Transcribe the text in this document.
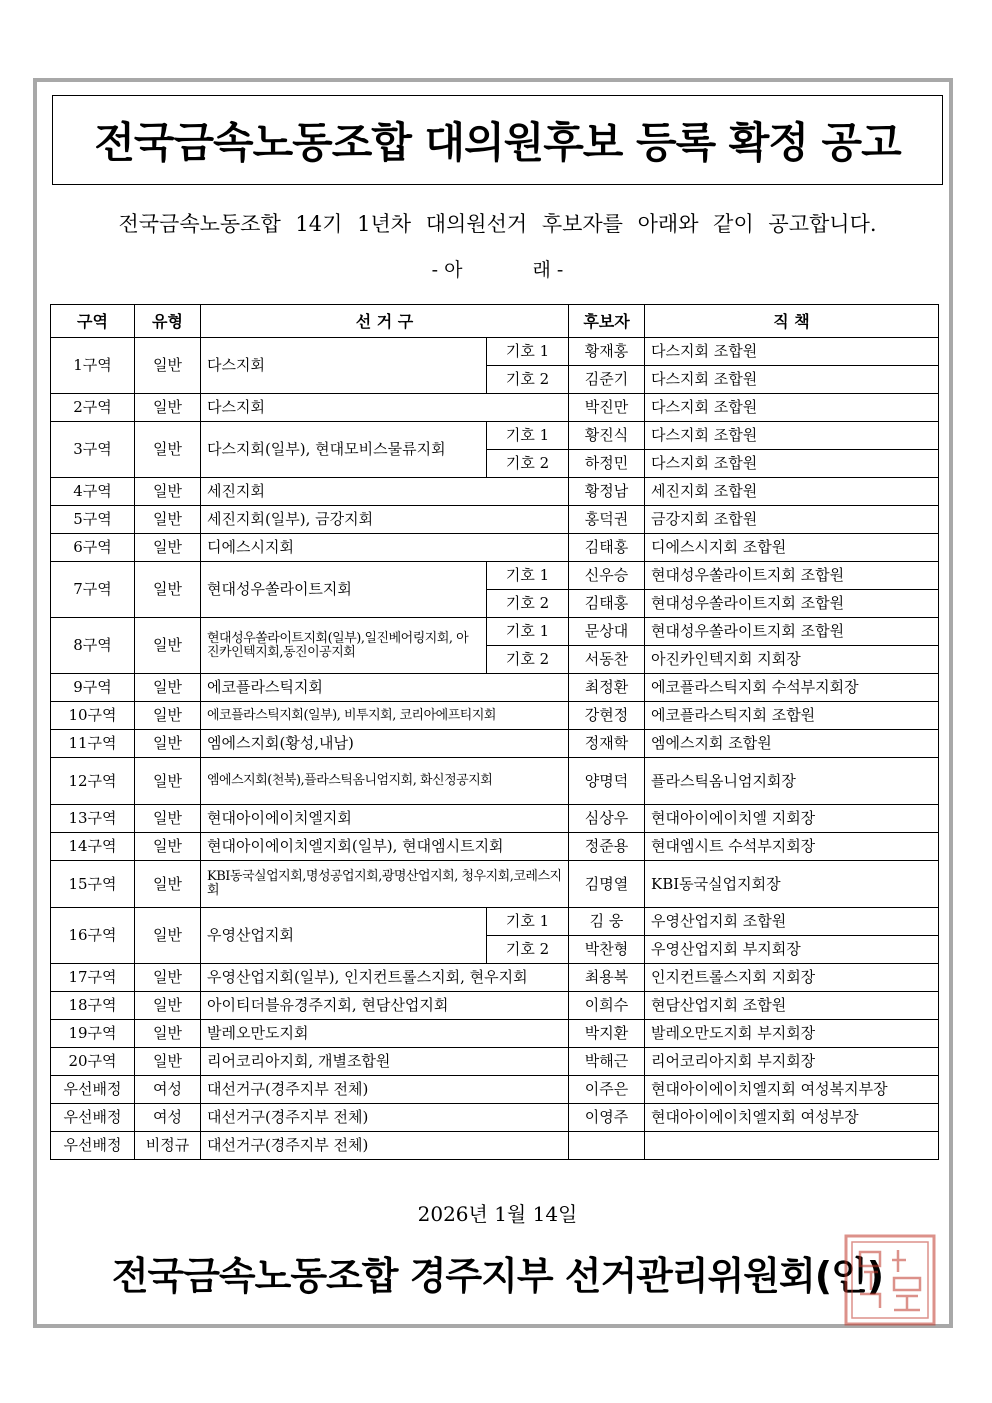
전국금속노동조합 대의원후보 등록 확정 공고
전국금속노동조합 14기 1년차 대의원선거 후보자를 아래와 같이 공고합니다.
- 아	래 -
구역	유형	선 거 구		후보자	직 책
1구역	일반	다스지회	기호 1	황재홍	다스지회 조합원
			기호 2	김준기	다스지회 조합원
2구역	일반	다스지회		박진만	다스지회 조합원
3구역	일반	다스지회(일부), 현대모비스물류지회	기호 1	황진식	다스지회 조합원
			기호 2	하정민	다스지회 조합원
4구역	일반	세진지회		황정남	세진지회 조합원
5구역	일반	세진지회(일부), 금강지회		홍덕권	금강지회 조합원
6구역	일반	디에스시지회		김태홍	디에스시지회 조합원
7구역	일반	현대성우쏠라이트지회	기호 1	신우승	현대성우쏠라이트지회 조합원
			기호 2	김태홍	현대성우쏠라이트지회 조합원
8구역	일반	현대성우쏠라이트지회(일부),일진베어링지회, 아진카인텍지회,동진이공지회	기호 1	문상대	현대성우쏠라이트지회 조합원
			기호 2	서동찬	아진카인텍지회 지회장
9구역	일반	에코플라스틱지회		최정환	에코플라스틱지회 수석부지회장
10구역	일반	에코플라스틱지회(일부), 비투지회, 코리아에프티지회		강현정	에코플라스틱지회 조합원
11구역	일반	엠에스지회(황성,내남)		정재학	엠에스지회 조합원
12구역	일반	엠에스지회(천북),플라스틱옴니엄지회, 화신정공지회		양명덕	플라스틱옴니엄지회장
13구역	일반	현대아이에이치엘지회		심상우	현대아이에이치엘 지회장
14구역	일반	현대아이에이치엘지회(일부), 현대엠시트지회		정준용	현대엠시트 수석부지회장
15구역	일반	KBI동국실업지회,명성공업지회,광명산업지회, 청우지회,코레스지회		김명열	KBI동국실업지회장
16구역	일반	우영산업지회	기호 1	김 웅	우영산업지회 조합원
			기호 2	박찬형	우영산업지회 부지회장
17구역	일반	우영산업지회(일부), 인지컨트롤스지회, 현우지회		최용복	인지컨트롤스지회 지회장
18구역	일반	아이티더블유경주지회, 현담산업지회		이희수	현담산업지회 조합원
19구역	일반	발레오만도지회		박지환	발레오만도지회 부지회장
20구역	일반	리어코리아지회, 개별조합원		박해근	리어코리아지회 부지회장
우선배정	여성	대선거구(경주지부 전체)		이주은	현대아이에이치엘지회 여성복지부장
우선배정	여성	대선거구(경주지부 전체)		이영주	현대아이에이치엘지회 여성부장
우선배정	비정규	대선거구(경주지부 전체)			
2026년 1월 14일
전국금속노동조합 경주지부 선거관리위원회(인)
